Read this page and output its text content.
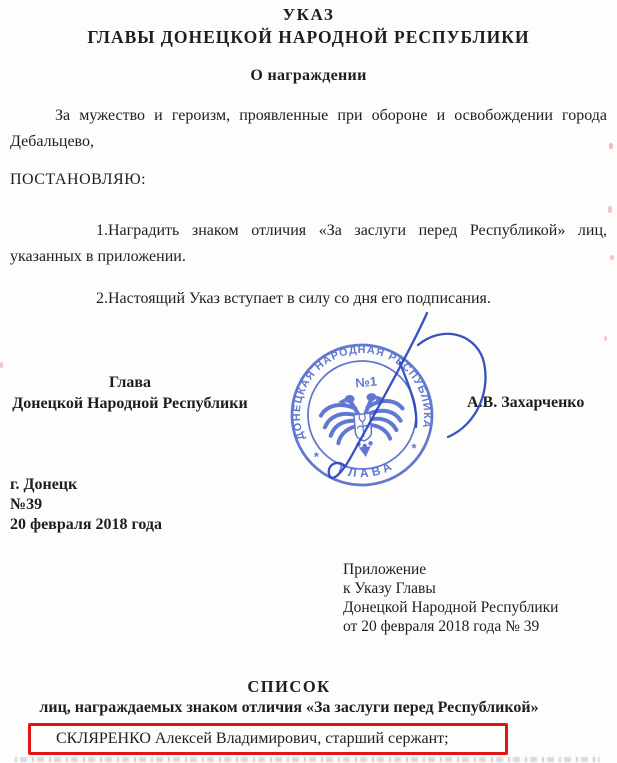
УКАЗ
ГЛАВЫ ДОНЕЦКОЙ НАРОДНОЙ РЕСПУБЛИКИ
О награждении
За мужество и героизм, проявленные при обороне и освобождении города Дебальцево,
ПОСТАНОВЛЯЮ:
1.Наградить знаком отличия «За заслуги перед Республикой» лиц, указанных в приложении.
2.Настоящий Указ вступает в силу со дня его подписания.
Глава
Донецкой Народной Республики	А.В. Захарченко
ДОНЕЦКАЯ НАРОДНАЯ РЕСПУБЛИКА
ГЛАВА
*
*
№1
г. Донецк
№39
20 февраля 2018 года
Приложение
к Указу Главы
Донецкой Народной Республики
от 20 февраля 2018 года № 39
СПИСОК
лиц, награждаемых знаком отличия «За заслуги перед Республикой»
СКЛЯРЕНКО Алексей Владимирович, старший сержант;
